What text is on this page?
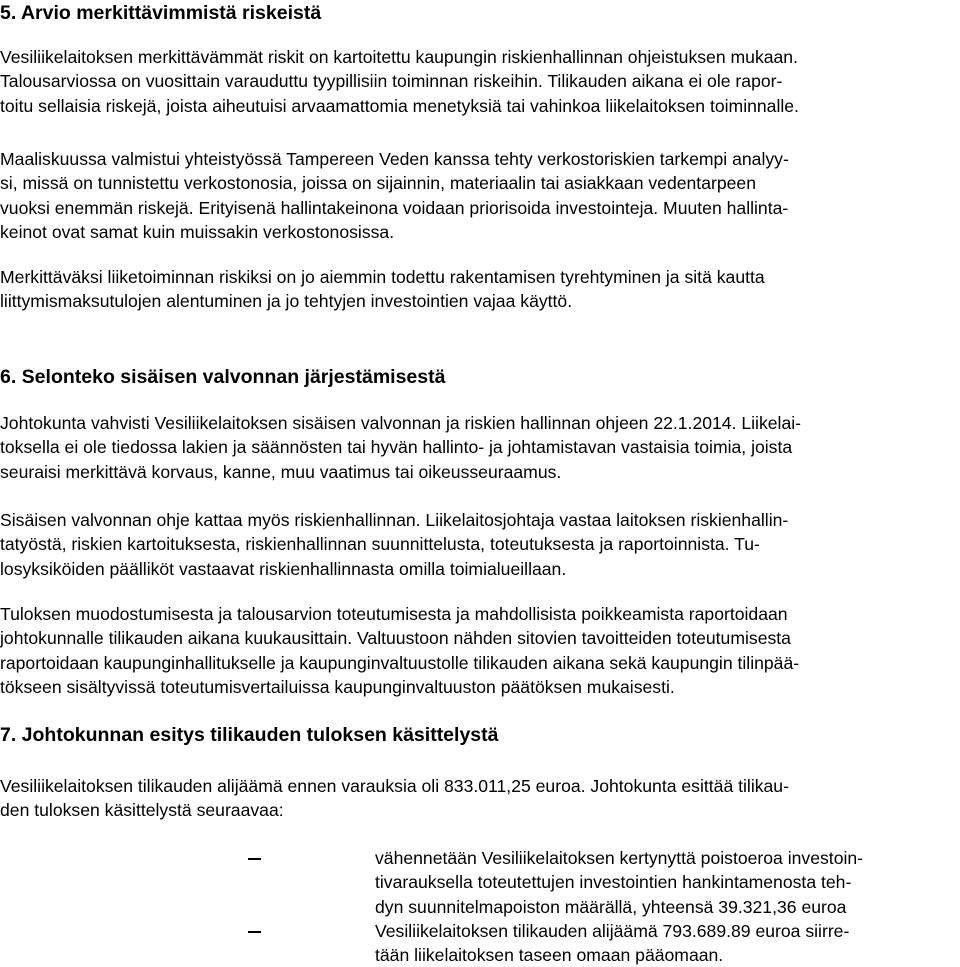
5. Arvio merkittävimmistä riskeistä
Vesiliikelaitoksen merkittävämmät riskit on kartoitettu kaupungin riskienhallinnan ohjeistuksen mukaan.
Talousarviossa on vuosittain varauduttu tyypillisiin toiminnan riskeihin. Tilikauden aikana ei ole rapor-
toitu sellaisia riskejä, joista aiheutuisi arvaamattomia menetyksiä tai vahinkoa liikelaitoksen toiminnalle.
Maaliskuussa valmistui yhteistyössä Tampereen Veden kanssa tehty verkostoriskien tarkempi analyy-
si, missä on tunnistettu verkostonosia, joissa on sijainnin, materiaalin tai asiakkaan vedentarpeen
vuoksi enemmän riskejä. Erityisenä hallintakeinona voidaan priorisoida investointeja. Muuten hallinta-
keinot ovat samat kuin muissakin verkostonosissa.
Merkittäväksi liiketoiminnan riskiksi on jo aiemmin todettu rakentamisen tyrehtyminen ja sitä kautta
liittymismaksutulojen alentuminen ja jo tehtyjen investointien vajaa käyttö.
6. Selonteko sisäisen valvonnan järjestämisestä
Johtokunta vahvisti Vesiliikelaitoksen sisäisen valvonnan ja riskien hallinnan ohjeen 22.1.2014. Liikelai-
toksella ei ole tiedossa lakien ja säännösten tai hyvän hallinto- ja johtamistavan vastaisia toimia, joista
seuraisi merkittävä korvaus, kanne, muu vaatimus tai oikeusseuraamus.
Sisäisen valvonnan ohje kattaa myös riskienhallinnan. Liikelaitosjohtaja vastaa laitoksen riskienhallin-
tatyöstä, riskien kartoituksesta, riskienhallinnan suunnittelusta, toteutuksesta ja raportoinnista. Tu-
losyksiköiden päälliköt vastaavat riskienhallinnasta omilla toimialueillaan.
Tuloksen muodostumisesta ja talousarvion toteutumisesta ja mahdollisista poikkeamista raportoidaan
johtokunnalle tilikauden aikana kuukausittain. Valtuustoon nähden sitovien tavoitteiden toteutumisesta
raportoidaan kaupunginhallitukselle ja kaupunginvaltuustolle tilikauden aikana sekä kaupungin tilinpää-
tökseen sisältyvissä toteutumisvertailuissa kaupunginvaltuuston päätöksen mukaisesti.
7. Johtokunnan esitys tilikauden tuloksen käsittelystä
Vesiliikelaitoksen tilikauden alijäämä ennen varauksia oli 833.011,25 euroa. Johtokunta esittää tilikau-
den tuloksen käsittelystä seuraavaa:
vähennetään Vesiliikelaitoksen kertynyttä poistoeroa investoin-
tivarauksella toteutettujen investointien hankintamenosta teh-
dyn suunnitelmapoiston määrällä, yhteensä 39.321,36 euroa
Vesiliikelaitoksen tilikauden alijäämä 793.689.89 euroa siirre-
tään liikelaitoksen taseen omaan pääomaan.
